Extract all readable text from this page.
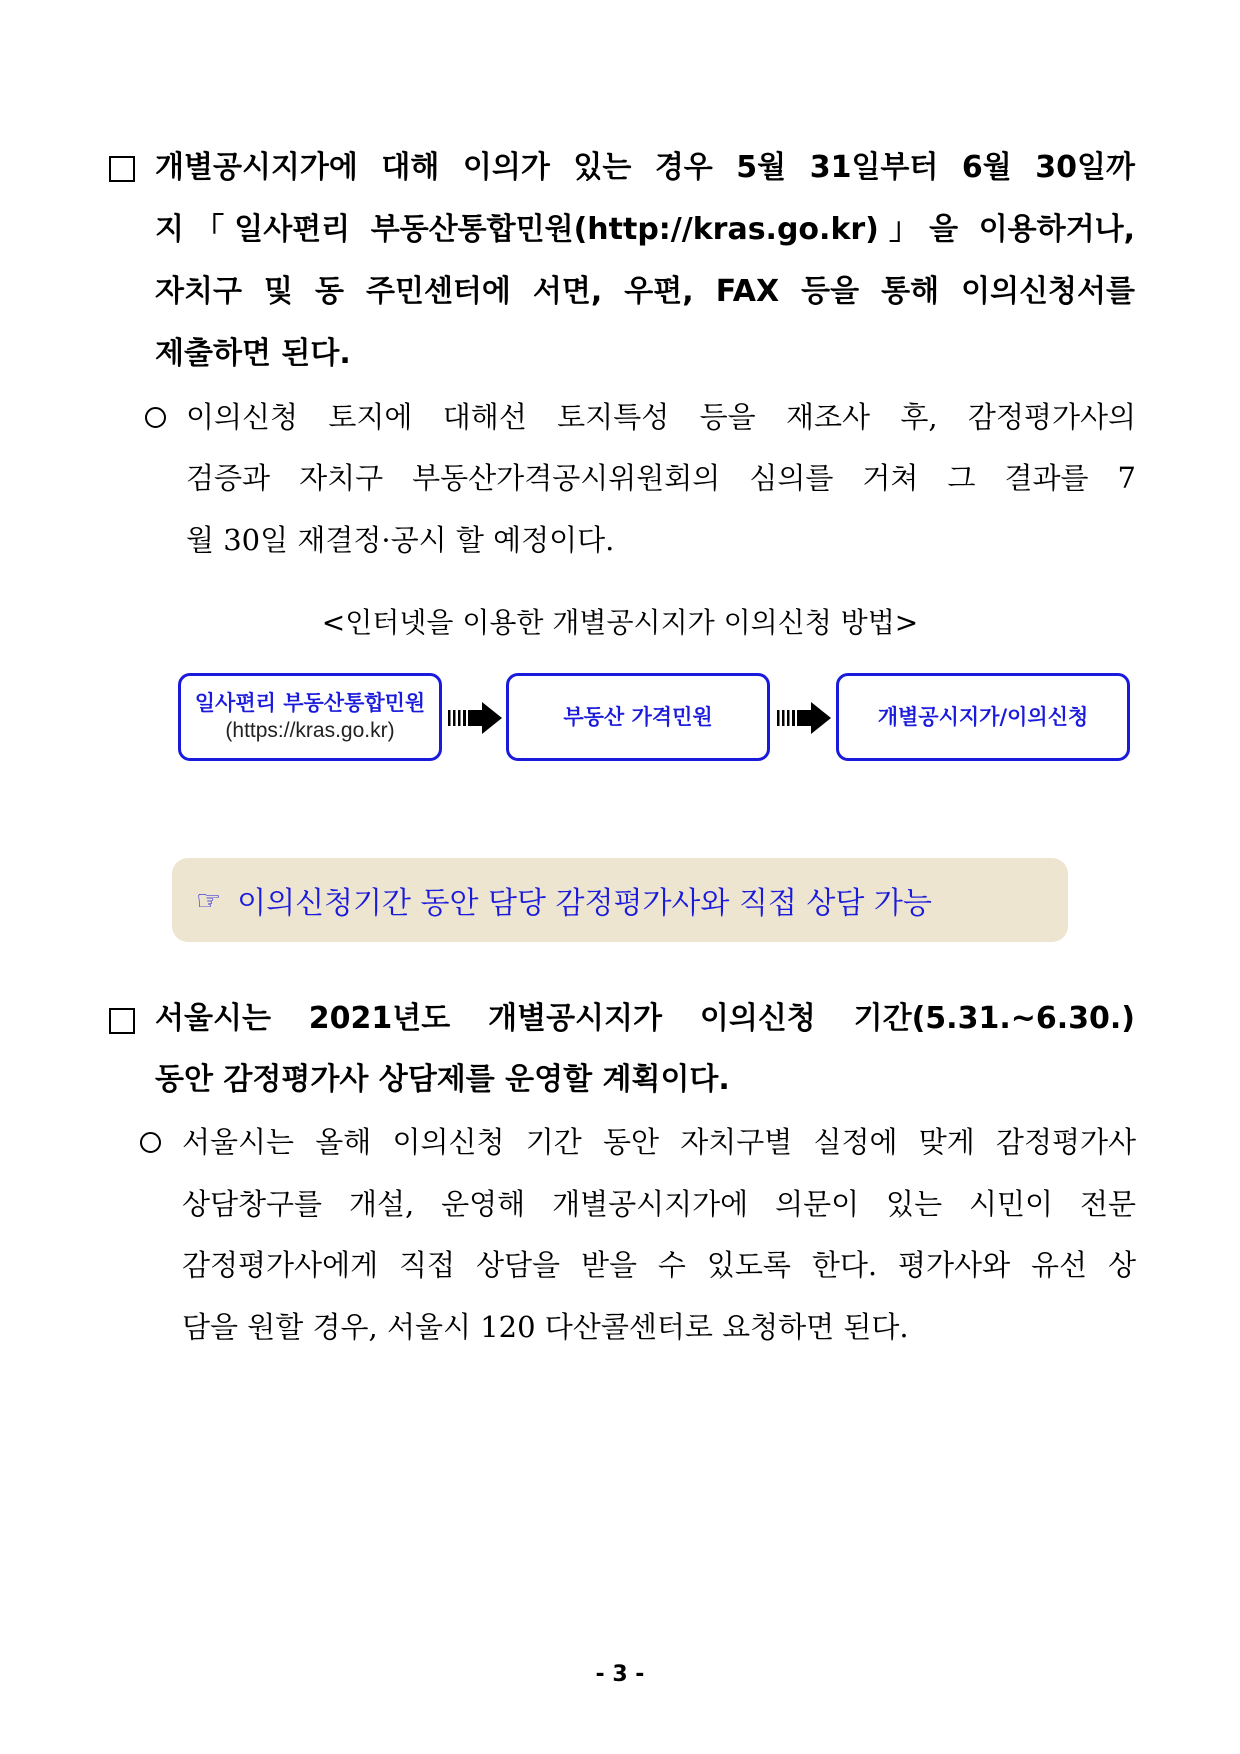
개별공시지가에 대해 이의가 있는 경우 5월 31일부터 6월 30일까
지「일사편리 부동산통합민원(http://kras.go.kr)」을 이용하거나,
자치구 및 동 주민센터에 서면, 우편, FAX 등을 통해 이의신청서를
제출하면 된다.
이의신청 토지에 대해선 토지특성 등을 재조사 후, 감정평가사의
검증과 자치구 부동산가격공시위원회의 심의를 거쳐 그 결과를 7
월 30일 재결정·공시 할 예정이다.
<인터넷을 이용한 개별공시지가 이의신청 방법>
일사편리 부동산통합민원
(https://kras.go.kr)
부동산 가격민원	개별공시지가/이의신청
☞ 이의신청기간 동안 담당 감정평가사와 직접 상담 가능
서울시는 2021년도 개별공시지가 이의신청 기간(5.31.~6.30.)
동안 감정평가사 상담제를 운영할 계획이다.
서울시는 올해 이의신청 기간 동안 자치구별 실정에 맞게 감정평가사
상담창구를 개설, 운영해 개별공시지가에 의문이 있는 시민이 전문
감정평가사에게 직접 상담을 받을 수 있도록 한다. 평가사와 유선 상
담을 원할 경우, 서울시 120 다산콜센터로 요청하면 된다.
- 3 -
